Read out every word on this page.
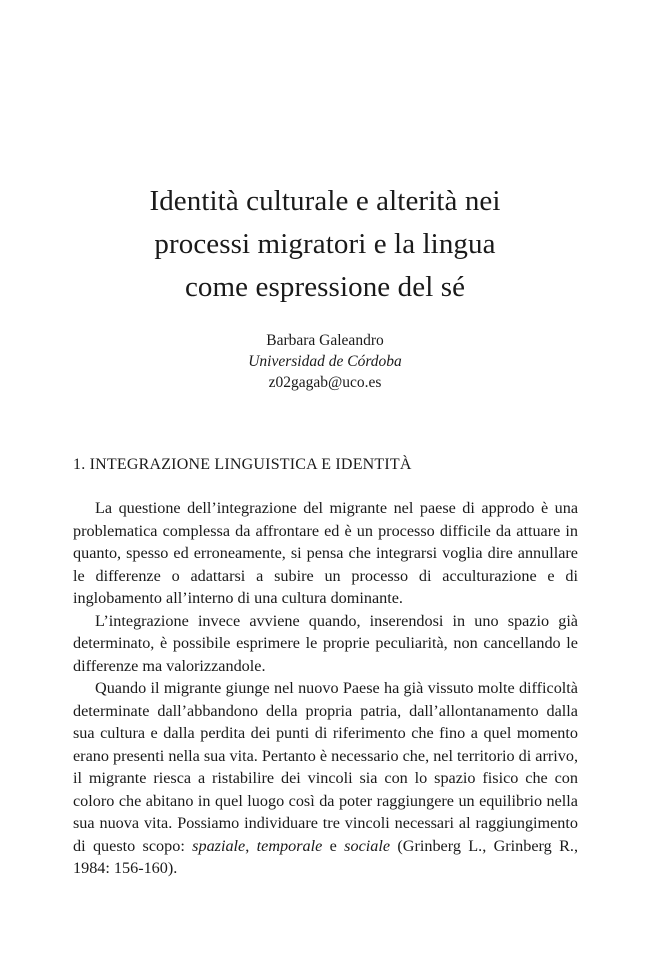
Identità culturale e alterità nei
processi migratori e la lingua
come espressione del sé
Barbara Galeandro
Universidad de Córdoba
z02gagab@uco.es
1. INTEGRAZIONE LINGUISTICA E IDENTITÀ

La questione dell’integrazione del migrante nel paese di approdo è una problematica complessa da affrontare ed è un processo difficile da attuare in quanto, spesso ed erroneamente, si pensa che integrarsi voglia dire annullare le differenze o adattarsi a subire un processo di acculturazione e di inglobamento all’interno di una cultura dominante.

L’integrazione invece avviene quando, inserendosi in uno spazio già determinato, è possibile esprimere le proprie peculiarità, non cancellando le differenze ma valorizzandole.

Quando il migrante giunge nel nuovo Paese ha già vissuto molte difficoltà determinate dall’abbandono della propria patria, dall’allontanamento dalla sua cultura e dalla perdita dei punti di riferimento che fino a quel momento erano presenti nella sua vita. Pertanto è necessario che, nel territorio di arrivo, il migrante riesca a ristabilire dei vincoli sia con lo spazio fisico che con coloro che abitano in quel luogo così da poter raggiungere un equilibrio nella sua nuova vita. Possiamo individuare tre vincoli necessari al raggiungimento di questo scopo: spaziale, temporale e sociale (Grinberg L., Grinberg R., 1984: 156-160).
